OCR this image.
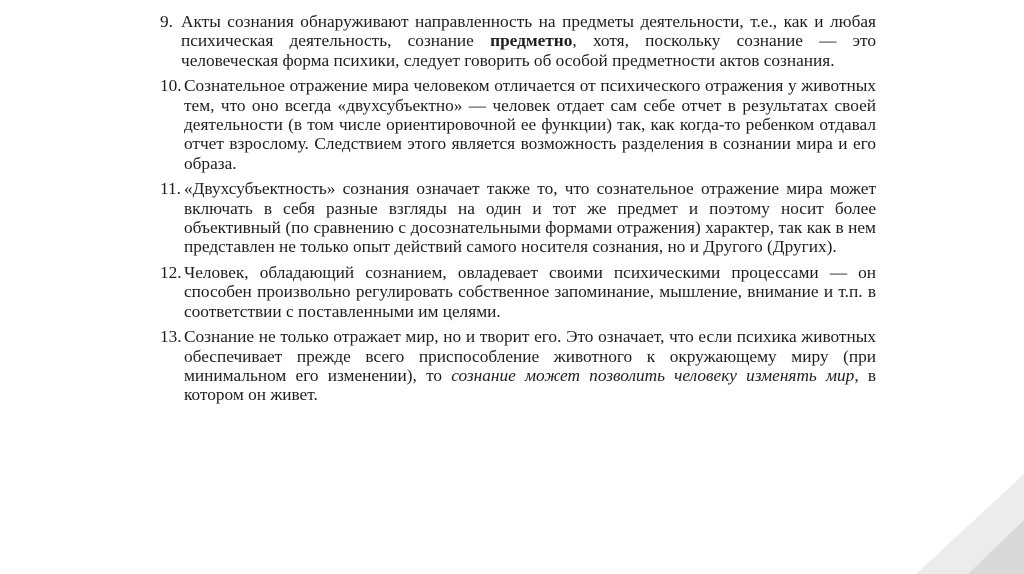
9. Акты сознания обнаруживают направленность на предметы деятельности, т.е., как и любая психическая деятельность, сознание предметно, хотя, поскольку сознание — это человеческая форма психики, следует говорить об особой предметности актов сознания.

10. Сознательное отражение мира человеком отличается от психического отражения у животных тем, что оно всегда «двухсубъектно» — человек отдает сам себе отчет в результатах своей деятельности (в том числе ориентировочной ее функции) так, как когда-то ребенком отдавал отчет взрослому. Следствием этого является возможность разделения в сознании мира и его образа.

11. «Двухсубъектность» сознания означает также то, что сознательное отражение мира может включать в себя разные взгляды на один и тот же предмет и поэтому носит более объективный (по сравнению с досознательными формами отражения) характер, так как в нем представлен не только опыт действий самого носителя сознания, но и Другого (Других).

12. Человек, обладающий сознанием, овладевает своими психическими процессами — он способен произвольно регулировать собственное запоминание, мышление, внимание и т.п. в соответствии с поставленными им целями.

13. Сознание не только отражает мир, но и творит его. Это означает, что если психика животных обеспечивает прежде всего приспособление животного к окружающему миру (при минимальном его изменении), то сознание может позволить человеку изменять мир, в котором он живет.
